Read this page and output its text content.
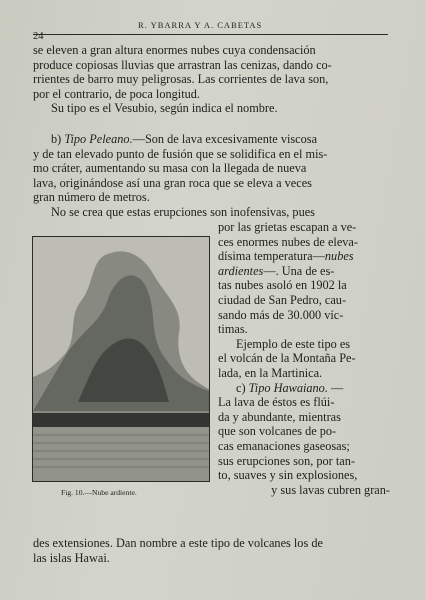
24
R. YBARRA Y A. CABETAS
se eleven a gran altura enormes nubes cuya condensación
produce copiosas lluvias que arrastran las cenizas, dando co-
rrientes de barro muy peligrosas. Las corrientes de lava son,
por el contrario, de poca longitud.
Su tipo es el Vesubio, según indica el nombre.
b) Tipo Peleano.—Son de lava excesivamente viscosa
y de tan elevado punto de fusión que se solidifica en el mis-
mo cráter, aumentando su masa con la llegada de nueva
lava, originándose así una gran roca que se eleva a veces
gran número de metros.
No se crea que estas erupciones son inofensivas, pues
Fig. 10.—Nube ardiente.
por las grietas escapan a ve-
ces enormes nubes de eleva-
dísima temperatura—nubes
ardientes—. Una de es-
tas nubes asoló en 1902 la
ciudad de San Pedro, cau-
sando más de 30.000 víc-
timas.
Ejemplo de este tipo es
el volcán de la Montaña Pe-
lada, en la Martinica.
c) Tipo Hawaiano. —
La lava de éstos es flúi-
da y abundante, mientras
que son volcanes de po-
cas emanaciones gaseosas;
sus erupciones son, por tan-
to, suaves y sin explosiones,
y sus lavas cubren gran-
des extensiones. Dan nombre a este tipo de volcanes los de
las islas Hawai.
